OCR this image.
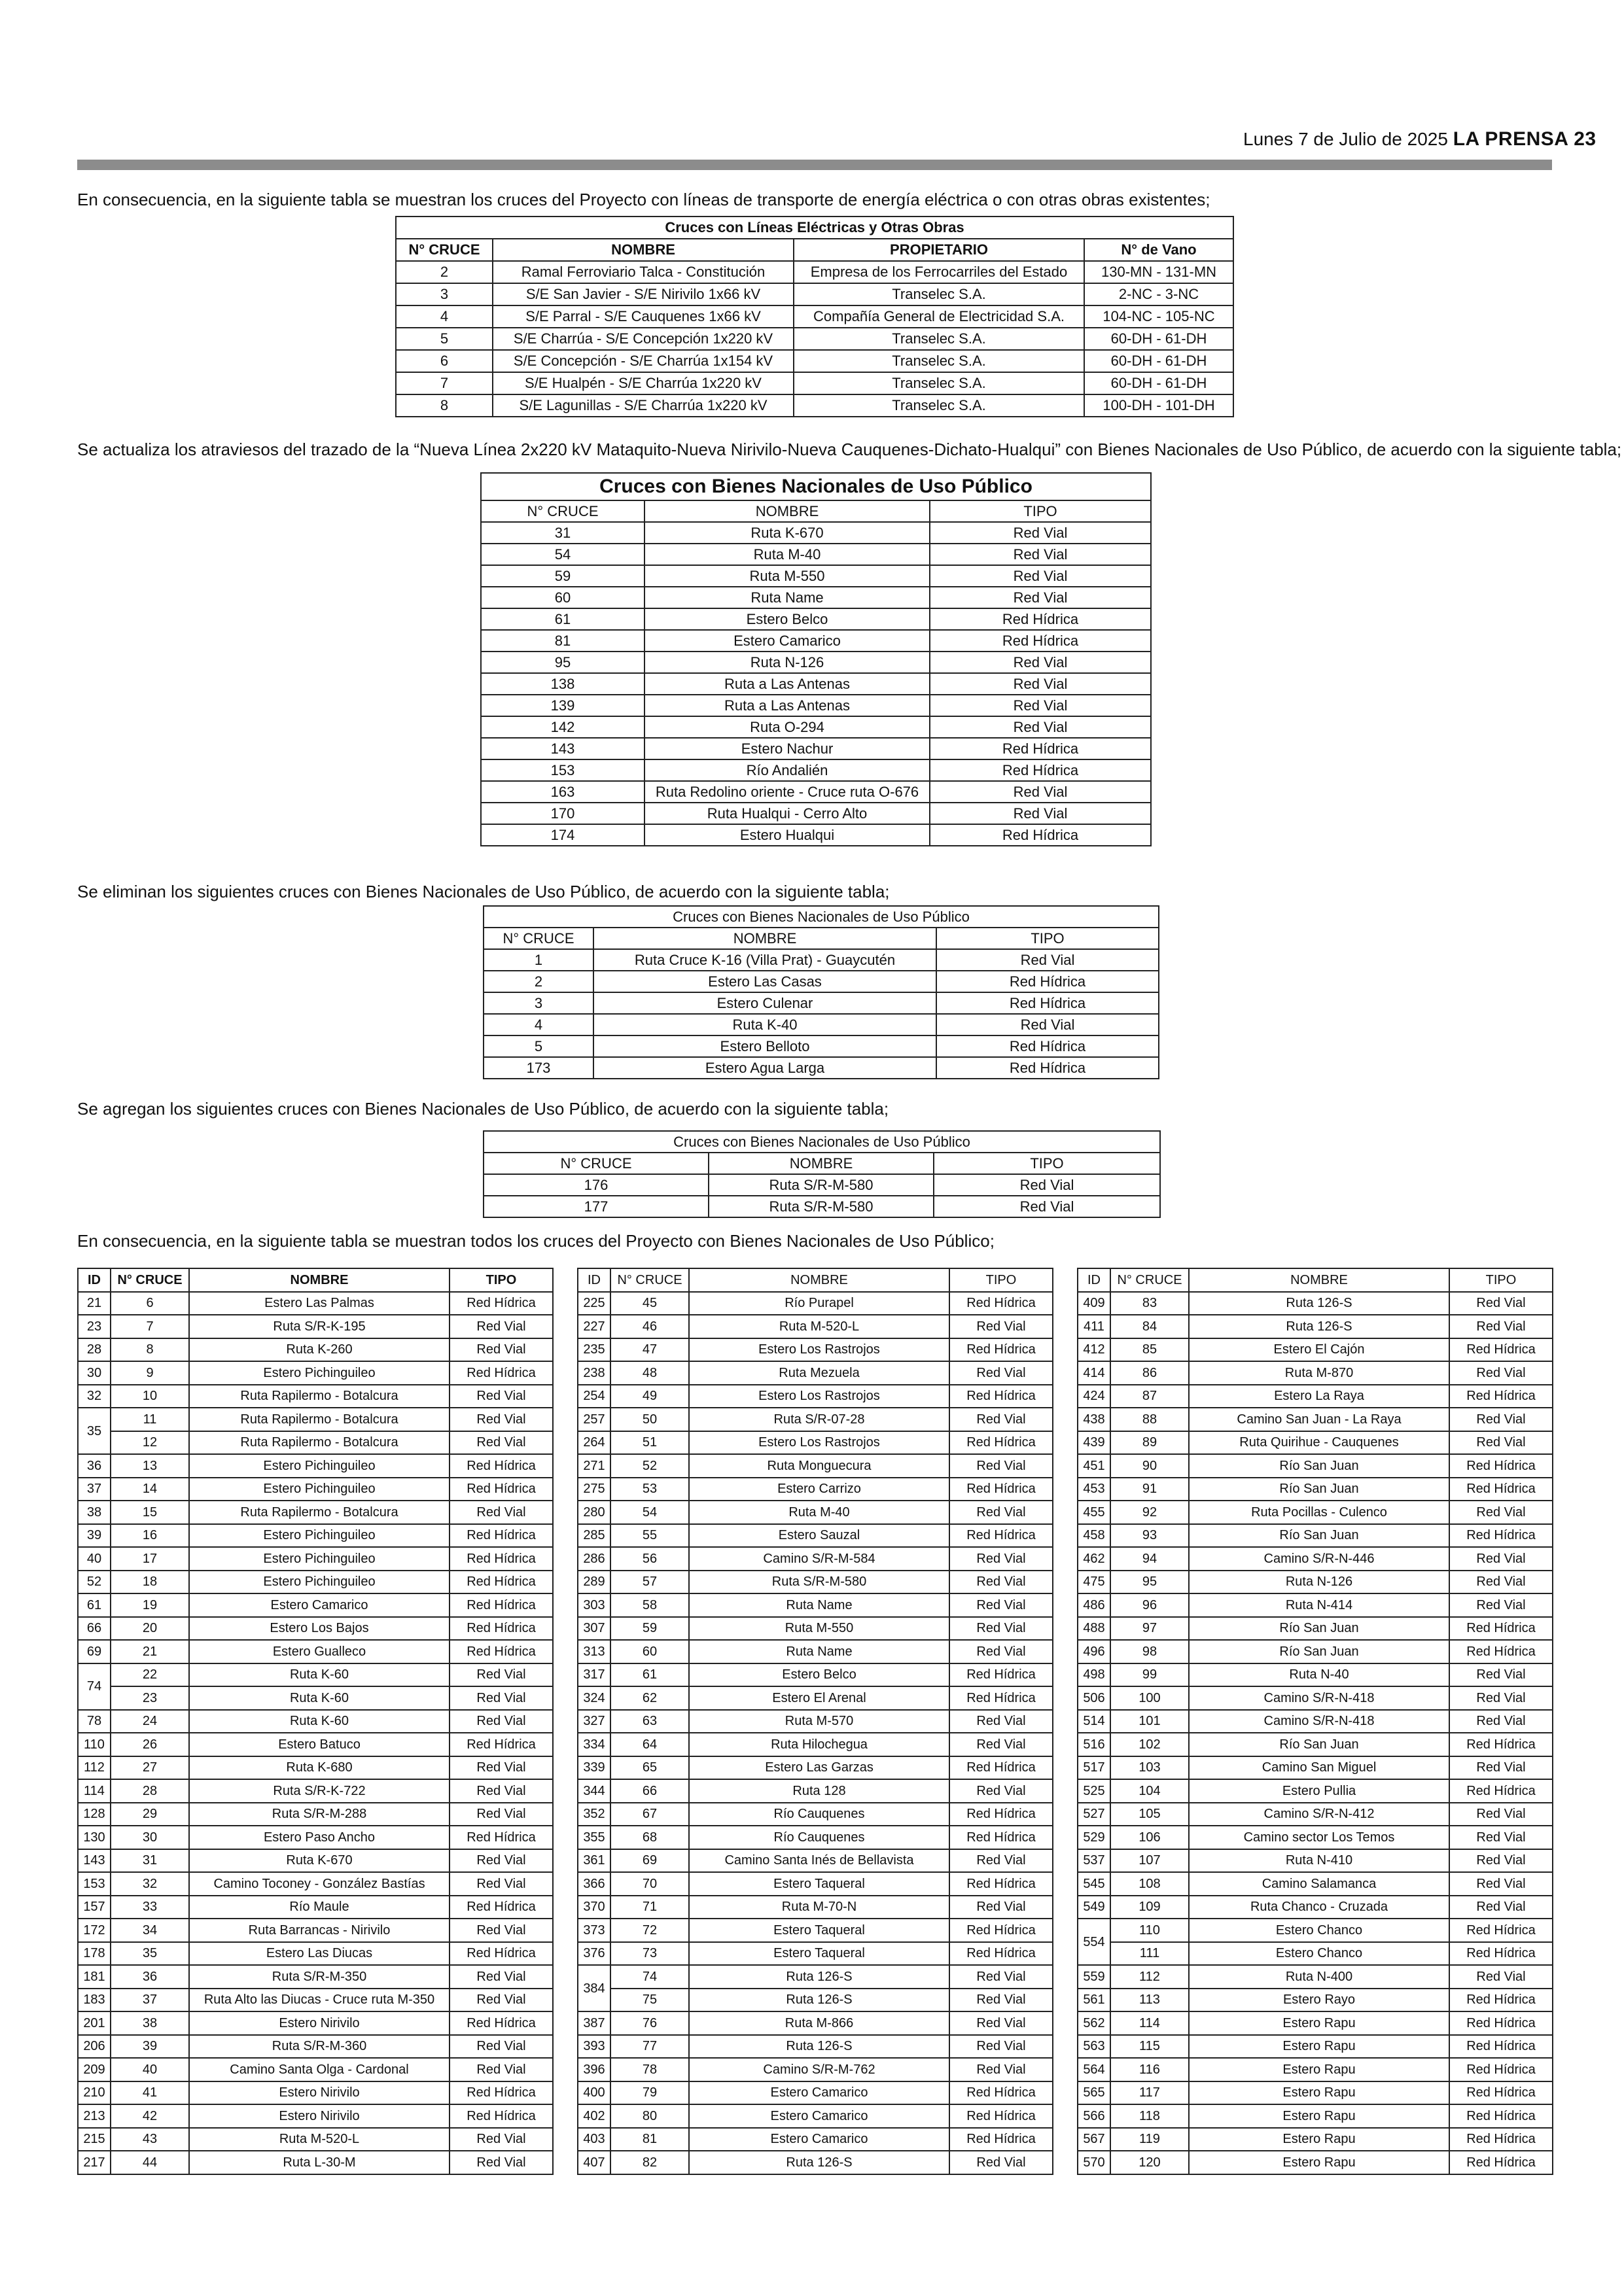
Lunes 7 de Julio de 2025 LA PRENSA 23
En consecuencia, en la siguiente tabla se muestran los cruces del Proyecto con líneas de transporte de energía eléctrica o con otras obras existentes;
Cruces con Líneas Eléctricas y Otras Obras			
N° CRUCE	NOMBRE	PROPIETARIO	N° de Vano
2	Ramal Ferroviario Talca - Constitución	Empresa de los Ferrocarriles del Estado	130-MN - 131-MN
3	S/E San Javier - S/E Nirivilo 1x66 kV	Transelec S.A.	2-NC - 3-NC
4	S/E Parral - S/E Cauquenes 1x66 kV	Compañía General de Electricidad S.A.	104-NC - 105-NC
5	S/E Charrúa - S/E Concepción 1x220 kV	Transelec S.A.	60-DH - 61-DH
6	S/E Concepción - S/E Charrúa 1x154 kV	Transelec S.A.	60-DH - 61-DH
7	S/E Hualpén - S/E Charrúa 1x220 kV	Transelec S.A.	60-DH - 61-DH
8	S/E Lagunillas - S/E Charrúa 1x220 kV	Transelec S.A.	100-DH - 101-DH
Se actualiza los atraviesos del trazado de la “Nueva Línea 2x220 kV Mataquito-Nueva Nirivilo-Nueva Cauquenes-Dichato-Hualqui” con Bienes Nacionales de Uso Público, de acuerdo con la siguiente tabla;
Cruces con Bienes Nacionales de Uso Público		
N° CRUCE	NOMBRE	TIPO
31	Ruta K-670	Red Vial
54	Ruta M-40	Red Vial
59	Ruta M-550	Red Vial
60	Ruta Name	Red Vial
61	Estero Belco	Red Hídrica
81	Estero Camarico	Red Hídrica
95	Ruta N-126	Red Vial
138	Ruta a Las Antenas	Red Vial
139	Ruta a Las Antenas	Red Vial
142	Ruta O-294	Red Vial
143	Estero Nachur	Red Hídrica
153	Río Andalién	Red Hídrica
163	Ruta Redolino oriente - Cruce ruta O-676	Red Vial
170	Ruta Hualqui - Cerro Alto	Red Vial
174	Estero Hualqui	Red Hídrica
Se eliminan los siguientes cruces con Bienes Nacionales de Uso Público, de acuerdo con la siguiente tabla;
Cruces con Bienes Nacionales de Uso Público		
N° CRUCE	NOMBRE	TIPO
1	Ruta Cruce K-16 (Villa Prat) - Guaycutén	Red Vial
2	Estero Las Casas	Red Hídrica
3	Estero Culenar	Red Hídrica
4	Ruta K-40	Red Vial
5	Estero Belloto	Red Hídrica
173	Estero Agua Larga	Red Hídrica
Se agregan los siguientes cruces con Bienes Nacionales de Uso Público, de acuerdo con la siguiente tabla;
Cruces con Bienes Nacionales de Uso Público		
N° CRUCE	NOMBRE	TIPO
176	Ruta S/R-M-580	Red Vial
177	Ruta S/R-M-580	Red Vial
En consecuencia, en la siguiente tabla se muestran todos los cruces del Proyecto con Bienes Nacionales de Uso Público;
ID	N° CRUCE	NOMBRE	TIPO
21	6	Estero Las Palmas	Red Hídrica
23	7	Ruta S/R-K-195	Red Vial
28	8	Ruta K-260	Red Vial
30	9	Estero Pichinguileo	Red Hídrica
32	10	Ruta Rapilermo - Botalcura	Red Vial
35	11	Ruta Rapilermo - Botalcura	Red Vial
	12	Ruta Rapilermo - Botalcura	Red Vial
36	13	Estero Pichinguileo	Red Hídrica
37	14	Estero Pichinguileo	Red Hídrica
38	15	Ruta Rapilermo - Botalcura	Red Vial
39	16	Estero Pichinguileo	Red Hídrica
40	17	Estero Pichinguileo	Red Hídrica
52	18	Estero Pichinguileo	Red Hídrica
61	19	Estero Camarico	Red Hídrica
66	20	Estero Los Bajos	Red Hídrica
69	21	Estero Gualleco	Red Hídrica
74	22	Ruta K-60	Red Vial
	23	Ruta K-60	Red Vial
78	24	Ruta K-60	Red Vial
110	26	Estero Batuco	Red Hídrica
112	27	Ruta K-680	Red Vial
114	28	Ruta S/R-K-722	Red Vial
128	29	Ruta S/R-M-288	Red Vial
130	30	Estero Paso Ancho	Red Hídrica
143	31	Ruta K-670	Red Vial
153	32	Camino Toconey - González Bastías	Red Vial
157	33	Río Maule	Red Hídrica
172	34	Ruta Barrancas - Nirivilo	Red Vial
178	35	Estero Las Diucas	Red Hídrica
181	36	Ruta S/R-M-350	Red Vial
183	37	Ruta Alto las Diucas - Cruce ruta M-350	Red Vial
201	38	Estero Nirivilo	Red Hídrica
206	39	Ruta S/R-M-360	Red Vial
209	40	Camino Santa Olga - Cardonal	Red Vial
210	41	Estero Nirivilo	Red Hídrica
213	42	Estero Nirivilo	Red Hídrica
215	43	Ruta M-520-L	Red Vial
217	44	Ruta L-30-M	Red Vial
ID	N° CRUCE	NOMBRE	TIPO
225	45	Río Purapel	Red Hídrica
227	46	Ruta M-520-L	Red Vial
235	47	Estero Los Rastrojos	Red Hídrica
238	48	Ruta Mezuela	Red Vial
254	49	Estero Los Rastrojos	Red Hídrica
257	50	Ruta S/R-07-28	Red Vial
264	51	Estero Los Rastrojos	Red Hídrica
271	52	Ruta Monguecura	Red Vial
275	53	Estero Carrizo	Red Hídrica
280	54	Ruta M-40	Red Vial
285	55	Estero Sauzal	Red Hídrica
286	56	Camino S/R-M-584	Red Vial
289	57	Ruta S/R-M-580	Red Vial
303	58	Ruta Name	Red Vial
307	59	Ruta M-550	Red Vial
313	60	Ruta Name	Red Vial
317	61	Estero Belco	Red Hídrica
324	62	Estero El Arenal	Red Hídrica
327	63	Ruta M-570	Red Vial
334	64	Ruta Hilochegua	Red Vial
339	65	Estero Las Garzas	Red Hídrica
344	66	Ruta 128	Red Vial
352	67	Río Cauquenes	Red Hídrica
355	68	Río Cauquenes	Red Hídrica
361	69	Camino Santa Inés de Bellavista	Red Vial
366	70	Estero Taqueral	Red Hídrica
370	71	Ruta M-70-N	Red Vial
373	72	Estero Taqueral	Red Hídrica
376	73	Estero Taqueral	Red Hídrica
384	74	Ruta 126-S	Red Vial
	75	Ruta 126-S	Red Vial
387	76	Ruta M-866	Red Vial
393	77	Ruta 126-S	Red Vial
396	78	Camino S/R-M-762	Red Vial
400	79	Estero Camarico	Red Hídrica
402	80	Estero Camarico	Red Hídrica
403	81	Estero Camarico	Red Hídrica
407	82	Ruta 126-S	Red Vial
ID	N° CRUCE	NOMBRE	TIPO
409	83	Ruta 126-S	Red Vial
411	84	Ruta 126-S	Red Vial
412	85	Estero El Cajón	Red Hídrica
414	86	Ruta M-870	Red Vial
424	87	Estero La Raya	Red Hídrica
438	88	Camino San Juan - La Raya	Red Vial
439	89	Ruta Quirihue - Cauquenes	Red Vial
451	90	Río San Juan	Red Hídrica
453	91	Río San Juan	Red Hídrica
455	92	Ruta Pocillas - Culenco	Red Vial
458	93	Río San Juan	Red Hídrica
462	94	Camino S/R-N-446	Red Vial
475	95	Ruta N-126	Red Vial
486	96	Ruta N-414	Red Vial
488	97	Río San Juan	Red Hídrica
496	98	Río San Juan	Red Hídrica
498	99	Ruta N-40	Red Vial
506	100	Camino S/R-N-418	Red Vial
514	101	Camino S/R-N-418	Red Vial
516	102	Río San Juan	Red Hídrica
517	103	Camino San Miguel	Red Vial
525	104	Estero Pullia	Red Hídrica
527	105	Camino S/R-N-412	Red Vial
529	106	Camino sector Los Temos	Red Vial
537	107	Ruta N-410	Red Vial
545	108	Camino Salamanca	Red Vial
549	109	Ruta Chanco - Cruzada	Red Vial
554	110	Estero Chanco	Red Hídrica
	111	Estero Chanco	Red Hídrica
559	112	Ruta N-400	Red Vial
561	113	Estero Rayo	Red Hídrica
562	114	Estero Rapu	Red Hídrica
563	115	Estero Rapu	Red Hídrica
564	116	Estero Rapu	Red Hídrica
565	117	Estero Rapu	Red Hídrica
566	118	Estero Rapu	Red Hídrica
567	119	Estero Rapu	Red Hídrica
570	120	Estero Rapu	Red Hídrica
